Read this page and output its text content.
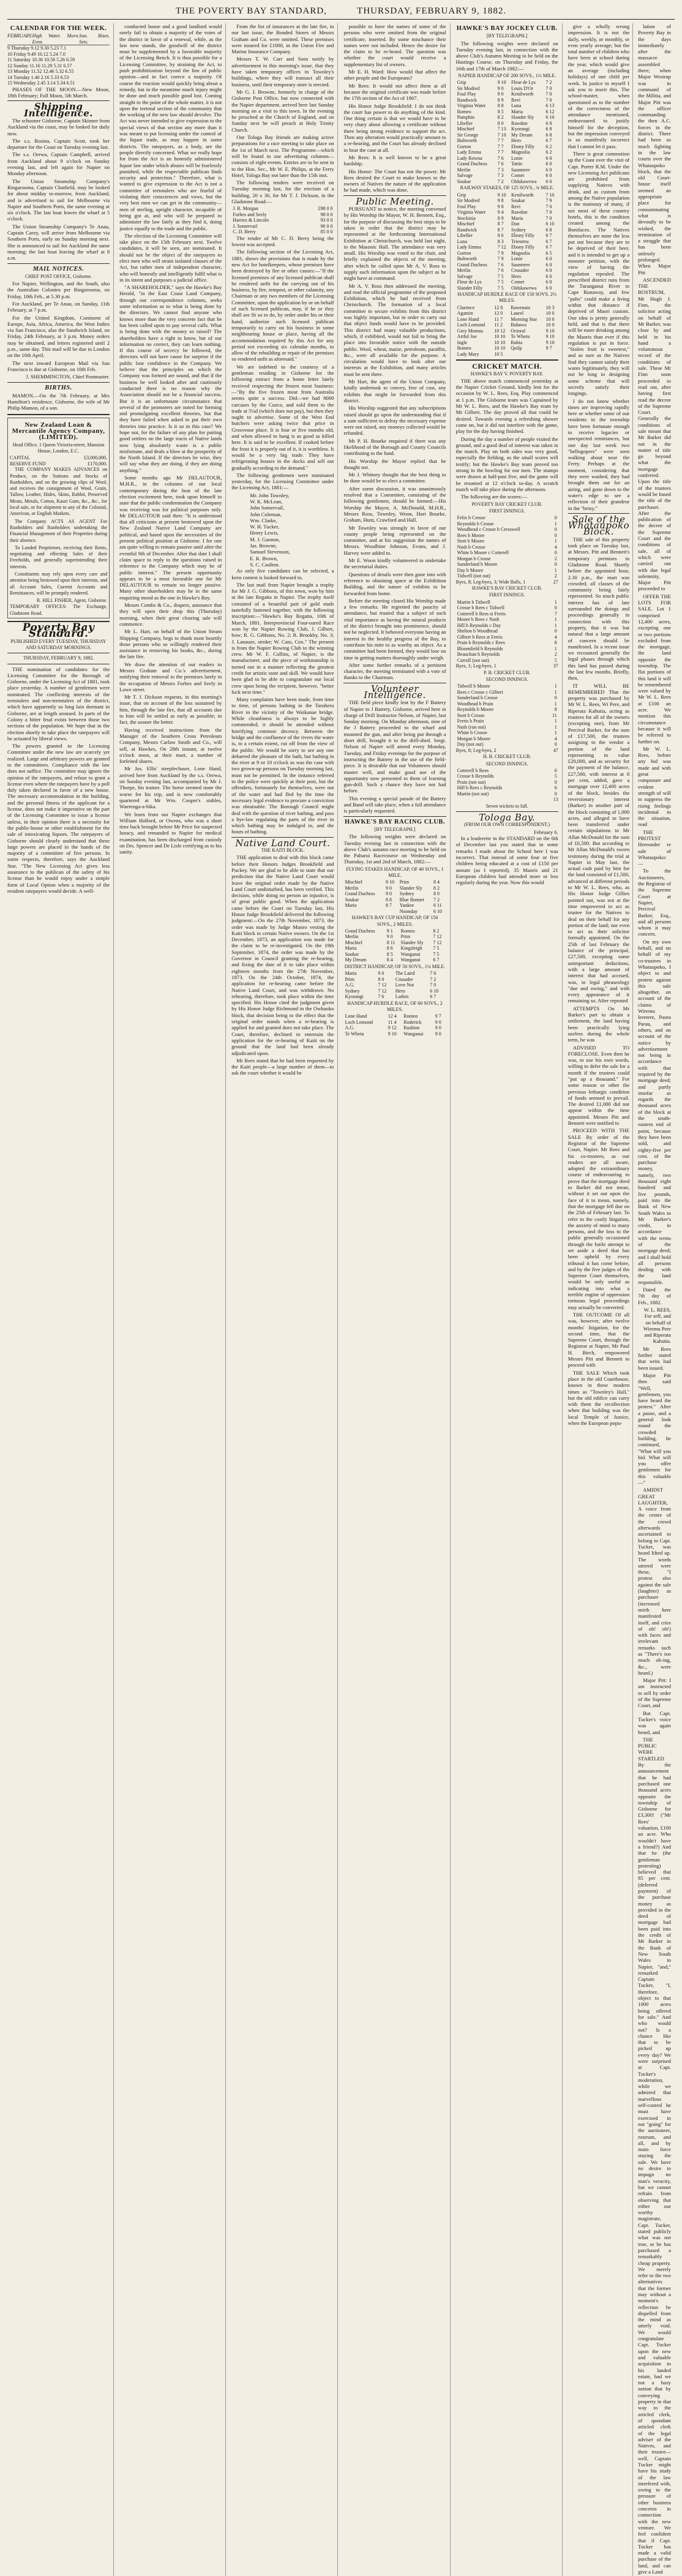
THE POVERTY BAY STANDARD,	THURSDAY, FEBRUARY 9, 1882.
CALENDAR FOR THE WEEK.
FEBRUARY. High Water. Morn. Even.
Sun. Rises. Sets.
9 Thursday 9.12 9.30 5.23 7.1
10 Friday 9.49 10.12 5.24 7.0
11 Saturday 10.36 10.56 5.26 6.59
12 Sunday 11.16 11.29 5.31 6.57
13 Monday 11.52 12.46 5.32 6.55
14 Tuesday 1.40 2.16 5.33 6.53
15 Wednesday 2.45 3.14 5.34 6.51

PHASES OF THE MOON.—New Moon, 18th February; Full Moon, 5th March.

Shipping Intelligence.

The schooner Gisborne, Captain Skinner from Auckland via the coast, may be looked for daily now.

The s.s. Rosina, Captain Scott, took her departure for the Coast on Tuesday evening last.

The s.s. Orewa, Captain Campbell, arrived from Auckland about 9 o'clock on Sunday evening last, and left again for Napier on Monday afternoon.

The Union Steamship Company's Ringarooma, Captain Chatfield, may be looked for about midday to-morrow, from Auckland, and is advertised to sail for Melbourne via Napier and Southern Ports, the same evening at six o'clock. The last boat leaves the wharf at 5 o'clock.

The Union Steamship Company's Te Anau, Captain Carey, will arrive from Melbourne via Southern Ports, early on Sunday morning next. She is announced to sail for Auckland the same morning; the last boat leaving the wharf at 8 a.m.

MAIL NOTICES.
CHIEF POST OFFICE, Gisborne.

For Napier, Wellington, and the South, also the Australian Colonies per Ringarooma, on Friday, 10th Feb., at 5.30 p.m.

For Auckland, per Te Anau, on Sunday, 11th February, at 7 p.m.

For the United Kingdom, Continent of Europe, Asia, Africa, America, the West Indies via San Francisco, also the Sandwich Island, on Friday, 24th February, at 3 p.m. Money orders may be obtained, and letters registered until 2 p.m., same day. This mail will be due in London on the 10th April.

The next inward European Mail via San Francisco is due at Gisborne, on 10th Feb.

J. SHEMMINGTON, Chief Postmaster.
BIRTHS.

MAMON.—On the 7th February, at Mrs Hamilton's residence, Gisborne, the wife of Mr Philip Mamon, of a son.

New Zealand Loan & Mercantile Agency Company, (LIMITED).
Head Office, 1 Queen Victoria-street, Mansion House, London, E.C.
CAPITAL	£3,000,000.
RESERVE FUND	£170,000.

THE COMPANY MAKES ADVANCES on Produce, on the Stations and Stocks of Runholders, and on the growing clips of Wool, and receives the consignment of Wool, Grain, Tallow, Leather, Hides, Skins, Rabbit, Preserved Meats, Metals, Cotton, Kauri Gum, &c., &c., for local sale, or for shipment to any of the Colonial, American, or English Markets.

The Company ACTS AS AGENT For Runholders and Runholders undertaking the Financial Management of their Properties during their absence.

To Landed Proprietors, receiving their Rents, negotiating and effecting Sales of their Freeholds, and generally superintending their interests.

Constituents may rely upon every care and attention being bestowed upon their interests, and all Account Sales, Current Accounts and Remittances, will be promptly rendered.

R. HILL FISHER, Agent, Gisborne.
TEMPORARY OFFICES: The Exchange, Gladstone Road.
Poverty Bay Standard.
PUBLISHED EVERY TUESDAY, THURSDAY AND SATURDAY MORNINGS.
THURSDAY, FEBRUARY 9, 1882.

THE nomination of candidates for the Licensing Committee for the Borough of Gisborne, under the Licensing Act of 1881, took place yesterday. A number of gentlemen were nominated. The conflicting interests of the teetotalers and non-teetotalers of the district, which have apparently so long lain dormant in Gisborne, are at length aroused. In parts of the Colony a bitter feud exists between those two sections of the population. We hope that in the election shortly to take place the ratepayers will be actuated by liberal views.

The powers granted to the Licensing Committee under the new law are scarcely yet realized. Large and arbitrary powers are granted to the committees. Compliance with the law does not suffice. The committee may ignore the opinion of the ratepayers, and refuse to grant a license even where the ratepayers have by a poll duly taken declared in favor of a new house. The necessary accommodation in the building, and the personal fitness of the applicant for a license, does not make it imperative on the part of the Licensing Committee to issue a license unless, in their opinion there is a necessity for the public-house or other establishment for the sale of intoxicating liquors. The ratepayers of Gisborne should clearly understand that these large powers are placed in the hands of the majority of a committee of five persons. In some respects, therefore, says the Auckland Star, "The New Licensing Act gives less assurance to the publican of the safety of his license than he would enjoy under a simple form of Local Option when a majority of the resident ratepayers would decide. A well-

conducted house and a good landlord would rarely fail to obtain a majority of the votes of the district in favor of a renewal, while, as the law now stands, the goodwill of the district must be supplemented by a favorable majority of the Licensing Bench. It is thus possible for a Licensing Committee, by straining the Act, to push prohibitionism beyond the line of public opinion—and in fact coerce a majority. Of course the reaction would quickly bring about a remedy, but in the meantime much injury might be done and much possible good lost. Coming straight to the point of the whole matter, it is not upon the teetotal section of the community that the working of the new law should devolve. The Act was never intended to give expression to the special views of that section any more than it was meant to put licensing under the control of the liquor trade, as may happen in some districts. The ratepayers, as a body, are the people directly concerned. What we really hope for from the Act is an honestly administered liquor law under which abuses will be fearlessly punished, while the respectable publican finds security and protection." Therefore, what is wanted to give expression to the Act is not a committee of teetotalers who are fearful of violating their consciences and vows, but the very best men we can get in the community—men of sterling, upright character, incapable of being got at, and who will be prepared to administer the law fairly as they find it, doing justice equally to the trade and the public.

The election of the Licensing Committee will take place on the 15th February next. Twelve candidates, it will be seen, are nominated. It should not be the object of the ratepayers to elect men who will strain isolated clauses of the Act, but rather men of independent character, who will honestly and intelligently fulfil what is in its intent and purposes a judicial office.

"A SHAREHOLDER," says the Hawke's Bay Herald, "in the East Coast Land Company, through our correspondence columns, seeks some information as to what is being done by the directors. We cannot find anyone who knows more than the very concrete fact that he has been called upon to pay several calls. What is being done with the money so raised? The shareholders have a right to know, but of our information no correct, they can learn nothing. If this course of secrecy be followed, the directors will not have cause for surprise if the public lose confidence in the Company. We believe that the principles on which the Company was formed are sound, and that if the business be well looked after and cautiously conducted there is no reason why the Association should not be a financial success. But it is an unfortunate circumstance that several of the promoters are noted for forming and promulgating excellent theories, but that they have failed when asked to put their own theories into practice. Is it so in this case? We hope not, for the failure of any plan for putting good settlers on the large tracts of Native lands now lying absolutely waste is a public misfortune, and deals a blow at the prosperity of the North Island. If the directors be wise, they will say what they are doing, if they are doing anything."

Some months ago Mr DELAUTOUR, M.H.R., in the columns of our local contemporary during the heat of the late election excitement here, took upon himself to state that the public condemnation the Company was receiving was for political purposes only. Mr DELAUTOUR said then: "It is understood that all criticisms at present bestowed upon the New Zealand Native Land Company are political, and based upon the necessities of the present political position at Gisborne. I for one am quite willing to remain passive until after the eventful 9th of December. After that date I shall claim space to reply to the questions raised in reference to the Company which may be of public interest." The present opportunity appears to be a most favorable one for Mr DELAUTOUR to remain no longer passive. Many other shareholders may be in the same enquiring mood as the one in Hawke's Bay.

Messrs Combs & Co., drapers, announce that they will open their shop this (Thursday) morning, when their great clearing sale will commence.

Mr L. Hart, on behalf of the Union Steam Shipping Company, begs to thank most heartily those persons who so willingly rendered their assistance in removing his books, &c., during the late fire.

We draw the attention of our readers to Messrs Graham and Co.'s advertisement, notifying their removal to the premises lately in the occupation of Messrs Forbes and Seely in Lowe street.

Mr T. J. Dickson requests, in this morning's issue, that on account of the loss sustained by him, through the late fire, that all accounts due to him will be settled as early as possible; in fact, the sooner the better.

Having received instructions from the Manager of the Southern Cross Petroleum Company, Messrs Carlaw Smith and Co., will sell, at Hawkes, On 28th instant, at twelve o'clock noon, at their mart, a number of forfeited shares.

Mr Jos. Ellis' steeplechaser, Lone Hand, arrived here from Auckland by the s.s. Orewa, on Sunday evening last, accompanied by Mr J. Thorpe, his trainer. The horse seemed none the worse for his trip, and is now comfortably quartered at Mr Wm. Cooper's stables, Waerenga-a-hika.

We learn from our Napier exchanges that William Halford, or Owens, who was a short time back brought before Mr Price for suspected lunacy, and remanded to Napier for medical examination, has been discharged from custody on Drs. Spencer and De Lisle certifying as to his sanity.

From the list of insurances at the late fire, in our last issue, the Bonded Stores of Messrs Graham and Co. were omitted. These premises were insured for £1000, in the Union Fire and Marine Insurance Company.

Messrs T. W. Carr and Sons notify by advertisement in this morning's issue, that they have taken temporary offices in Townley's buildings, where they will transact all their business, until their temporary store is erected.

Mr G. J. Browne, formerly in charge of the Gisborne Post Office, but now connected with the Napier department, arrived here last Sunday morning on a visit to this town. In the evening he preached at the Church of England, and on Sunday next he will preach at Holy Trinity Church.

Our Tologa Bay friends are making active preparations for a race meeting to take place on the 1st of March next. The Programme—which will be found in our advertising columns—consists of eight events. Entries are to be sent in to the Hon. Sec., Mr W. E. Philips, at the Ferry Hotel, Tologa Bay not later than the 15th inst.

The following tenders were received on Tuesday morning last, for the erection of a building, 20 x 30, for Mr T. J. Dickson, in the Gladstone Road:—

J. R. Morgan	£98 0 0
Forbes and Seely	98 0 0
Harries & Lincoln	93 0 0
J. Somervail	90 0 0
C. D. Berry	85 0 0

The tender of Mr C. D. Berry being the lowest was accepted.

The following section of the Licensing Act, 1881, shows the provisions that is made by the new Act for hotelkeepers, whose premises have been destroyed by fire or other causes:—"If the licensed premises of any licensed publican shall be rendered unfit for the carrying out of his business, by fire, tempest, or other calamity, any Chairman or any two members of the Licensing Committee, upon the application by or on behalf of such licensed publican, may, if he or they shall see fit so to do, by order under his or their hand, authorize such licensed publican temporarily to carry on his business in some neighbouring house or place, having all the accommodation required by this Act for any period not exceeding six calendar months, to allow of the rebuilding or repair of the premises so rendered unfit as aforesaid."

We are indebted to the courtesy of a gentleman residing in Gisborne for the following extract from a home letter lately received respecting the frozen meat business:—"By the five frozen meat from Australia seems quite a success. Did—we had 8000 carcases by the Cuzco, and sold them to the trade at 5¼d (which does not pay), but then they ought to advertise. Some of the West End butchers were asking twice that price in Grosvenor place. It is four or five months old, and when allowed to hang is as good as killed here. It is said to be excellent. If cooked before the frost it is properly out of it, it is worthless. It would be a very big trade. They have refrigerating houses in the docks and sell out gradually according to the demand."

The following gentlemen were nominated yesterday, for the Licensing Committee under the Licensing Act, 1881:—

Mr. John Townley,
W. K. McLean,
John Somervail,
John Coleman,
Wm. Clarke,
W. H. Tucker,
Henry Lewis,
M. J. Gannon,
Jas. Browne,
Samuel Stevenson,
E. K. Brown,
S. C. Caulton.

As only five candidates can be selected, a keen contest is looked forward to.

The last mail from Napier brought a trophy for Mr J. G. Gibbons, of this town, won by him at the late Regatta in Napier. The trophy itself consisted of a beautiful pair of gold studs tastefully fastened together, with the following inscription:—"Hawke's Bay Regatta, 10th of March, 1881. Interprovincial Four-oared Race won by the Napier Rowing Club, J. Gilbert, bow; R. G. Gibbons, No. 2; R. Brookby, No. 3; J. Lanauze, stroke; W. Cato, Cox." The present is from the Napier Rowing Club to the winning crew. Mr W. F. Collins, of Napier, is the manufacturer, and the piece of workmanship is turned out in a manner reflecting the greatest credit for artistic taste and skill. We would have been glad to be able to congratulate our local crew upon being the recipient, however, "better luck next time."

Many complaints have been made, from time to time, of persons bathing in the Taruheru River in the vicinity of the Waikanae bridge. While cleanliness is always to be highly commended, it should be attended without horrifying common decency. Between the bridge and the confluence of the rivers the water is, to a certain extent, cut off from the view of the public. We would be sorry to see any one debarred the pleasure of the bath, but bathing in the river at 9 or 10 o'clock as was the case with two grown-up persons on Tuesday morning last, must not be permitted. In the instance referred to the police were quickly at their post, but the offenders, fortunately for themselves, were out of the water and had fled by the time the necessary legal evidence to procure a conviction was obtainable. The Borough Council might deal with the question of river bathing, and pass a bye-law regulating the parts of the river in which bathing may be indulged in, and the hours of bathing.

Native Land Court.
THE KAITI BLOCK.

THE application to deal with this block came before their Honors Judges Brookfield and Puckey. We are glad to be able to state that our prediction that the Native Land Court would leave the original order made by the Native Land Court undisturbed, has been verified. This decision, while doing no person an injustice, is of great public good. When the application came before the Court on Tuesday last, His Honor Judge Brookfield delivered the following judgment:—On the 27th November, 1873, the order was made by Judge Munro vesting the Kaiti block in certain Native owners. On the 1st December, 1873, an application was made for the claim to be re-investigated. On the 19th September, 1874, the order was made by the Governor in Council granting the re-hearing, and fixing the date of it to take place within eighteen months from the 27th November, 1873. On the 24th October, 1874, the application for re-hearing came before the Native Land Court, and was withdrawn. No rehearing, therefore, took place within the time specified. His Honor cited the judgment given by His Honor Judge Richmond in the Owhaoko block, that decision being to the effect that the original order stands when a re-hearing is applied for and granted does not take place. The Court, therefore, declined to entertain the application for the re-hearing of Kaiti on the ground that the land had been already adjudicated upon.

Mr Rees stated that he had been requested by the Kaiti people—a large number of them—to ask the court whether it would be

possible to have the names of some of the persons who were omitted from the original certificate, inserted. By some mischance their names were not included. Hence the desire for the claim to be re-heard. The question was whether the court would receive a supplementary list of owners.

Mr E. H. Ward: How would that affect the other people and the Europeans?

Mr Rees: It would not affect them at all because the original certificate was made before the 17th section of the Act of 1867.

His Honor Judge Brookfield: I do not think the court has power to do anything of the kind. One thing certain is that we would have to be very chary about allowing a certificate without there being strong evidence to support the act. Then any alteration would practically amount to a re-hearing, and the Court has already declined to hear the case at all.

Mr Rees: It is well known to be a great hardship.

His Honor: The Court has not the power. Mr Rees desired the Court to make known to the owners of Natives the nature of the application he had made, which was done.

Public Meeting.

PURSUANT to notice, the meeting convened by His Worship the Mayor, W. H. Bennett, Esq., for the purpose of discussing the best steps to be taken in order that the district may be represented at the forthcoming International Exhibition at Christchurch, was held last night, in the Masonic Hall. The attendance was very small. His Worship was voted to the chair, and briefly explained the objects of the meeting, after which he called upon Mr A. V. Ross to supply such information upon the subject as he might have at command.

Mr A. V. Ross then addressed the meeting, and read the official programme of the proposed Exhibition, which he had received from Christchurch. The formation of a local committee to secure exhibits from this district was highly important, but in order to carry out that object funds would have to be provided. This district had many valuable productions, which, if exhibited, would not fail to bring the place into favorable notice with the outside public. Wool, wheat, maize, petroleum, paraffin, &c., were all available for the purpose. A circulation would have to look after our interests at the Exhibition, and many articles must be sent there.

Mr Hart, the agent of the Union Company, kindly undertook to convey, free of cost, any exhibits that might be forwarded from this district.

His Worship suggested that any subscriptions raised should go upon the understanding that if a sum sufficient to defray the necessary expense were not raised, any moneys collected would be refunded.

Mr P. H. Bourke enquired if there was any likelihood of the Borough and County Councils contributing to the fund.

His Worship the Mayor replied that he thought not.

Mr J. Whitney thought that the best thing to be done would be to elect a committee.

After some discussion, it was unanimously resolved that a Committee, consisting of the following gentlemen, should be formed:—His Worship the Mayor, A. McDonald, M.H.R., Messrs Ross, Townley, Woon, Hart Bourke, Graham, Hunt, Crawford and Hall.

Mr Townley was strongly in favor of our county people being represented on the committee, and at his suggestion the names of Messrs. Woodbine Johnson, Evans, and J. Harvey were added to.

Mr E. Woon kindly volunteered to undertake the secretarial duties.

Questions of details were then gone into with reference to obtaining space at the Exhibition Building, and the nature of exhibits to be forwarded from home.

Before the meeting closed His Worship made a few remarks. He regretted the paucity of attendance, but trusted that a subject of such vital importance as having the natural products of the district brought into prominence, should not be neglected. It behoved everyone having an interest in the healthy progress of the Bay, to contribute his mite to as worthy an object. As a committee had been formed, they would lose no time in getting matters thoroughly under weigh.

After some further remarks of a pertinent character, the meeting terminated with a vote of thanks to the Chairman.

Volunteer Intelligence.

THE field piece kindly lent by the F Battery of Napier to J Battery, Gisborne, arrived here in charge of Drill Instructor Nelson, of Napier, last Sunday morning. On Monday afternoon, nine of the J Battery proceeded to the wharf and mounted the gun, and after being put through a short drill, brought it to the drill-shed. Sergt. Nelson of Napier will attend every Monday, Tuesday, and Friday evenings for the purpose of instructing the Battery in the use of the field-piece. It is desirable that our Volunteers should muster well, and make good use of the opportunity now presented to them of learning gun-drill. Such a chance they have not had before.

This evening a special parade of the Battery and Band will take place, when a full attendance is particularly requested.

HAWKE'S BAY RACING CLUB.
[BY TELEGRAPH.]

The following weights were declared on Tuesday evening last in connection with the above Club's autumn race meeting to be held on the Paharui Racecourse on Wednesday and Thursday, 1st and 2nd of March, 1882:—

FLYING STAKES HANDICAP, OF 40 SOVS., 1 MILE.
Mischief	9 10	Prim	8 4
Merlin	9 0	Slander Sly	8 2
Grand Duchess	9 0	Sydney	8 0
Soukar	8 8	Blue Bonnet	7 2
Maria	8 7	Yankee	6 11
		Noonday	6 10
HAWKE'S BAY CUP HANDICAP, OF 150 SOVS., 2 MILES.
Grand Duchess	9 1	Romeo	8 2
Merlin	9 0	Prim	7 12
Mischief	8 11	Slander Sly	7 12
Maria	8 6	Kingsleigh	7 5
Soukar	8 5	Wanganui	7 5
My Dream	8 4	Wanganui	6 7
DISTRICT HANDICAP, OF 50 SOVS., 1¼ MILE.
Maria	9 0	The Laird	7 6
Prim	8 0	Crusader	7 2
A.G.	7 12	Love Not	7 0
Sydney	7 12	Hero	6 10
Kyorangi	7 6	Larkin	6 7
HANDICAP HURDLE RACE, OF 60 SOVS., 2 MILES.
Lone Hand	12 4	Romeo	9 7
Loch Lomond	11 4	Roderick	9 0
A.G.	9 12	Rushine	9 0
Te Whetu	9 10	Wanganui	9 0
HAWKE'S BAY JOCKEY CLUB.
[BY TELEGRAPH.]

The following weights were declared on Tuesday evening last, in connection with the above Club's Autumn Meeting to be held on the Hastings Course, on Thursday and Friday, the 16th and 17th of March 1882:—

NAPIER HANDICAP OF 200 SOVS., 1½ MILE.
Grip	9 10	Fleur de Lys	7 2
Sir Modred	9 0	Louis D'Or	7 0
Foul Play	9 0	Kenilworth	7 0
Randwick	8 9	Revi	7 0
Virginia Water	8 8	Luna	6 13
Romeo	8 5	Maria	6 12
Pamphin	8 2	Slander Sly	6 10
Libeller	8 0	Rawdon	6 8
Mischief	7 13	Kyorangi	6 8
Sir George	7 10	My Dream	6 8
Bultworth	7 7	Hero	6 7
Gorton	7 7	Ebony Filly	6 2
Lady Emma	7 7	Magnolia	6 2
Lady Rowna	7 6	Lonie	6 0
Grand Duchess	7 6	Tattie	6 0
Merlin	7 3	Saunterer	6 0
Salvage	7 3	Comet	6 0
Soukar	7 2	Oldskawewa	6 0
RAILWAY STAKES, OF 125 SOVS., ¾ MILE.
Grip	9 10	Kenilworth	7 10
Sir Modred	9 8	Soukar	7 9
Foul Play	9 8	Revi	7 0
Virginia Water	9 4	Rawdon	7 0
Stockinia	8 9	Maria	7 0
Mischief	8 7	Dan	6 10
Randwick	8 7	Sydney	6 8
Libeller	8 6	Ebony Filly	6 7
Luna	8 3	Triestreu	6 7
Lady Emma	7 12	Ebony Filly	6 7
Gorton	7 9	Magnolia	6 5
Bultworth	7 9	Lonie	6 0
Grand Duchess	7 6	Saunterer	6 0
Merlin	7 6	Crusader	6 0
Salvage	7 5	Hero	6 0
Fleur de Lys	7 5	Comet	6 0
Slander Filly	7 5	Oldskawewa	6 0
HANDICAP HURDLE RACE OF 150 SOVS. 2½ MILES.
Clarence	12 8	Rawenata	10 3
Agamin	12 0	Laurel	10 0
Lone Hand	11 7	Morning Star	10 0
Loch Lomond	11 2	Bahawa	10 0
Grey Momus	10 12	Octoral	9 10
Artful Joe	10 10	Te Whetu	9 10
Ingle	10 10	Rubia	9 10
Romeo	10 10	Quilp	9 7
Lady Mary	10 5		
CRICKET MATCH.
HAWKE'S BAY V. POVERTY BAY.

THE above match commenced yesterday at the Napier Cricket Ground, kindly lent for the occasion by W. L. Rees, Esq. Play commenced at 1 p.m. The Gisborne team was Captained by Mr W. L. Rees, and the Hawke's Bay team by Mr Gilbert. The day proved all that could be desired. Towards evening a refreshing shower came on, but it did not interfere with the game, play for the day having finished.

During the day a number of people visited the ground, and a good deal of interest was taken in the match. Play on both sides was very good, especially the fielding, as the small scores will testify; but the Hawke's Bay team proved too strong in the bowling for our men. The stumps were drawn at half-past five, and the game will be resumed at 12 o'clock to-day. A scratch match will take place during the afternoon.

The following are the scores:—

POVERTY BAY CRICKET CLUB.
FIRST INNINGS.
Felix b Crosse	0
Reynolds b Crosse	1
Woodhead c Crosse b Cresswell	0
Rees b Moore	0
Stott b Moore	1
Nash b Crosse	4
White b Moore c Cotterell	0
Morgan b Crosse	2
Sunderland b Moore	0
Day b Moore	1
Tidwell (not out)	2
Byes, 8; Leg-byes, 3; Wide Balls, 1	27
HAWKE'S BAY CRICKET CLUB.
FIRST INNINGS.
Martin b Tidwell	1
Crosse b Rees c Tidwell	0
Cotterell b Rees st Ferris	7
Moore b Rees c Nash	1
Hill b Reynolds c Day	1
Shelton b Woodhead	0
Gilbert b Rees st Ferris	4
Prain b Reynolds c Rees	8
Bloomfield b Reynolds	1
Beauchan b Reynolds	2
Carroll (not out)	5
Byes, 1; Leg-byes, 1	37
P. B. CRICKET CLUB.
SECOND INNINGS.
Tidwell b Moore	1
Rees c Crosse c Gilbert	1
Sunderland b Crosse	0
Woodhead b Prain	1
Reynolds b Moore	8
Stott b Crosse	11
Ferris b Prain	1
Nash (run out)	1
White b Crosse	1
Morgan b Moore	4
Day (not out)	0
Byes, 8; Leg-byes, 2	47
H. B. CRICKET CLUB.
SECOND INNINGS.
Cotterell b Rees	0
Crosse b Reynolds	5
Prain (not out)	0
Hill b Rees c Reynolds	6
Martin (not out)	0
13
Seven wickets to fall.
Tologa Bay.
(FROM OUR OWN CORRESPONDENT.)
February 6.

In a leaderette in the STANDARD on the 6th of December last you stated that in some remarks I made about the School here I was incorrect. That instead of some four or five children being educated at a cost of £150 per annum (as I reported), 35 Maoris and 21 European children had attended more or less regularly during the year. Now this would

give a wholly wrong impression. It is not the daily, weekly, or monthly, or even yearly average; but the total number of children who have been at school during the year, which would give an average (including holidays) of one child per week. In justice to myself I ask you to insert this. The school-master, when questioned as to the number of the correctness of the attendance mentioned, endeavoured to justify himself for the deception, but the impression conveyed is so manifestly incorrect that I cannot let it pass.

There is great commotion up the Coast over the visit of Capt. Porter R.M. Under the new Licensing Act publicans are prohibited from supplying Natives with drink, and as custom from among the Native population is the mainstay of many, if not most of these country hotels, this is the condition created among the Bonifaces. The Natives themselves are none the less put out because they are to be deprived of their beer, and it is intended to get up a monster petition, with the view of having the regulation repealed. The prescribed district runs from the Turanganui River to Cape Runaway, and few "pubs" could make a living within that distance if deprived of Maori custom. One idea is pretty generally held, and that is that there will be more drinking among the Maoris than ever if this regulation is put in force. "Stolen fruit is sweetest," and as sure as the Natives find they cannot satisfy their wants legitimately, they will not be long in designing some scheme that will secretly satisfy their longings.

I do not know whether times are improving rapidly here or whether some of our residents in the township have been fortunate enough to receive legacies or unexpected remittances, but one day last week two "bellogopers" were seen walking about near the Ferry. Perhaps at the moment, considering that they were washed, they had brought them out for an airing, and gone down to the water's edge to see a reflection of their grandeur in the "briny."

Sale of the Whataupoko Block.

THE sale of this property took place on Tuesday last, at Messrs. Pitt and Bennett's temporary premises in Gladstone Road. Shortly before the appointed hour, 2.30 p.m., the mart was crowded, all classes of the community being fairly represented. So much public interest has of late surrounded the doings and proceedings generally in connection with this property, that it was but natural that a large amount of concern should be manifested. In a recent issue we recounted generally the legal phases through which this land has passed during the last few months. Briefly, then,

IT WILL BE REMEMBERED That the property was purchased by Mr W. L. Rees, Wi Pere, and Riperata Kahutia, acting as trustees for all of the owners (excepting one), from Mr Percival Barker, for the sum of £17,500, the trustees assigning to the vendor a portion of the land representing in value £20,000, and as security for the payment of the balance, £27,500, with interest at 8 per cent, added, gave a mortgage over 12,400 acres of the block, besides the reversionary interest (Barker) in another part of the block consisting of 1,000 acres, and alleged to have been transferred under certain stipulations to Mr Allan McDonald for the sum of £6,500. But according to Mr Allan McDonald's sworn testimony during the trial at Napier in May last, the actual cash paid by him for the land consisted of £1,500, advanced at different periods to Mr W. L. Rees, who, as His Honor Judge Gillies pointed out, was not at the time empowered to act as trustee for the Natives to deal on their behalf for any portion of the land; nor even to act as their solicitor formally appointed. On the 25th of last February the balance of the principal, £27,500, excepting some unimportant deductions, with a large amount of interest that had accrued, was, in legal phraseology "due and owing," and with every appearance of it remaining so. After repeated

ATTEMPTS On Mr Barker's part to obtain a settlement, the land having been practically lying useless during the whole term, he was

ADVISED TO FORECLOSE. Even then he was, to use his own words, willing to defer the sale for a month if the trustees could "put up a thousand." For some reason or other the previous lethargic condition of funds seemed to prevail. The desired £1,000 did not appear within the time appointed. Messrs Pitt and Bennett were notified to

PROCEED WITH THE SALE By order of the Registrar of the Supreme Court, Napier. Mr Rees and his co-trustees, as our readers are all aware, adopted the extraordinary course of endeavouring to prove that the mortgage deed to Barker did not mean, without it set out upon the face of it to mean, namely, that the mortgage fell due on the 25th of February last. To refer to the costly litigation, the anxiety of mind to many persons, and the loss to the public generally occasioned through the futile attempt to set aside a deed that has been upheld by every tribunal it has come before, and by the five judges of the Supreme Court themselves, would be only useful as indicating into what a terrible engine of oppression tortuous legal proceedings may actually be converted.

THE OUTCOME Of all was, however, after twelve months' litigation, for the second time, that the Supreme Court, through the Registrar at Napier, Mr Paul H. Birch, empowered Messrs Pitt and Bennett to proceed with

THE SALE Which took place in the old Courthouse, known in these modern times as "Townley's Hall," but the old edifice can carry with them the recollection when that building was the local Temple of Justice, when the European popu-

lation of Poverty Bay in the days immediately after the massacre assembled there; when Major Westrup was in command of the Militia, and Major Pitt was the officer commanding the then A.C. forces in the district. There had been so much fighting in the law courts over the Whataupoko block, that the old Court-house itself seemed an appropriate place for consummating what is devoutly to be wished, the termination of a struggle that has been unlessly prolonged. When Major Pitt

ASCENDED THE ROSTRUM, Mr Hugh J. Finn, the solicitor acting on behalf of Mr Barker, was close by and held in his hand a voluminous record of the conditions of sale. These Mr Finn soon proceeded to read out, after having first read the decree of the Supreme Court. Generally the conditions of sale meant that Mr Barker did not in the matter of title go beyond what the mortgage conferred. Upon the title of the trustees would be based the title of the purchaser. After the publication of the decree of the Supreme Court and the conditions of sale, all of which were carried out with due legal solemnity, Major Pitt proceeded to

OFFER THE LOTS FOR SALE. Lot 1 comprised 12,400 acres, excepting one or two portions excluded from the mortgage, the land opposite the township. The flat portions of this land it will be remembered were valued by Mr W. L. Rees at £100 an acre. We mention this circumstance because it will be referred to further on.

Mr W. L. Rees, before any bid was made and with great composure and evident strength of will to suppress the rising feelings incidental to the situation, read

THE PROTEST Hereunder re sale of Whataupoko:—

To the Auctioneers, the Registrar of the Supreme Court at Napier, Percival Barker, Esq., and all persons whom it may concern.

On my own behalf, and on behalf of my co-trustees in Whataupoko, I object to and protest against this sale altogether, on account of the claims of Wiremu Ieretere, Paora Parau, and others, and on account of the notice by advertisement not being in accordance with that required by the mortgage deed; and partly insofar as regards the thousand acres of the block at the south-eastern end of point, because they have been sold, and eighty-five per cent. of the purchase money, namely, two thousand eight hundred and five pounds, paid into the Bank of New South Wales to Mr Barker's credit, in accordance with the terms of the mortgage deed; and I shall hold all persons dealing with the land responsible.

Dated the 7th day of Feb., 1882.

W. L. REES, For self, and on behalf of Wiremu Pere and Riperata Kahutia.

Mr Rees further stated that writs had been issued.

Major Pitt then said "Well, gentlemen, you have heard the protest." After a pause, and a general look round the crowded building, he continued, "What will you bid. What will you offer gentlemen for this valuable—"

AMIDST GREAT LAUGHTER, A voice from the centre of the crowd afterwards ascertained to belong to Capt. Tucker, was heard lifted up. The words uttered were these, "I protest also against the sale (laughter) as purchaser (increased mirth here manifested itself, and cries of oh! oh!) with faces and irrelevant remarks such as "There's too much oh-ing, &c., were heard.)

Major Pitt: I am instructed to sell by order of the Supreme Court, and

But Capt. Tucker's voice was again heard, and

THE PUBLIC WERE STARTLED By the announcement that he had purchased one thousand acres opposite the township of Gisborne for £3,300! ("Mr Rees' valuation, £100 an acre. Who wouldn't have a friend?) And that he (the gentleman protesting) believed that 85 per cent. (deferred payment) of the purchase money as provided in the deed of mortgage had been paid into the credit of Mr Barker in the Bank of New South Wales in Napier, "and," remarked Captain Tucker, "I, therefore, object to that 1000 acres being offered for sale." And who would not? Is a chance like that to be picked up every day? We were surprised at Capt. Tucker's moderation, while we admired that marvellous self-control he must have exercised in not "going" for the auctioneer, rostrum, and all, and by main force staying the sale. We have no desire to impugn no man's veracity, but we cannot refrain from observing that either our worthy magistrate, Capt. Tucker, stated publicly what was not true, or he has purchased a remarkably cheap property. We merely refer to the two alternatives that the former may without a moment's reflection be dispelled from the mind as utterly void. We would congratulate Capt. Tucker upon the new and valuable acquisition to his landed estate, had we not a hazy notion that by conveying property in that way to the articled clerk, of quondam articled clerk of the legal adviser of the Natives, and their trustee—well, Captain Tucker might have his study of the law interfered with, owing to the pressure of other business concerns in connection with the new venture. We feel confident that if Capt. Tucker has made a valid purchase of the land, and can give a Land
